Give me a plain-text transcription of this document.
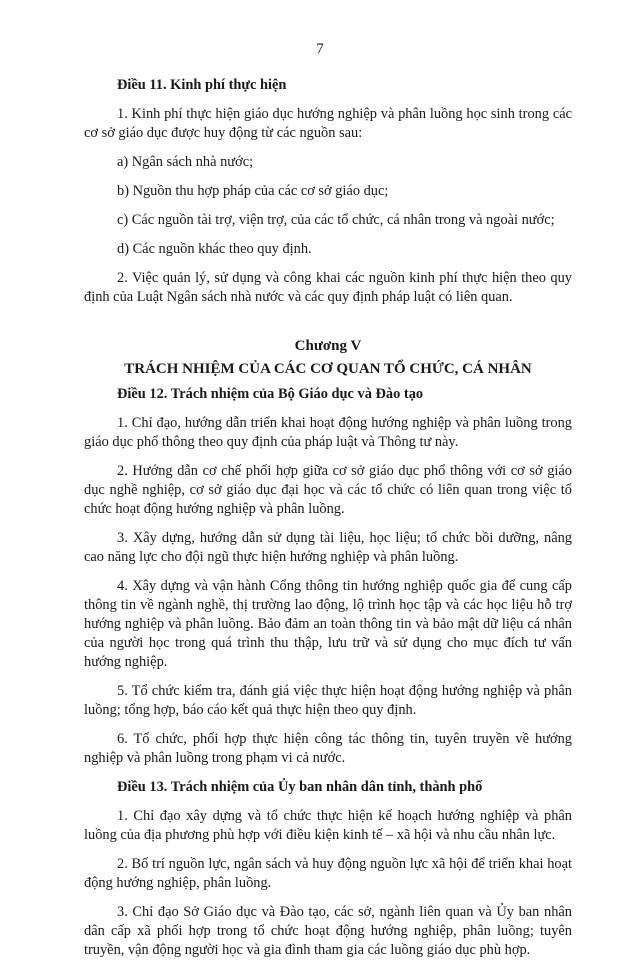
7

Điều 11. Kinh phí thực hiện

1. Kinh phí thực hiện giáo dục hướng nghiệp và phân luồng học sinh trong các cơ sở giáo dục được huy động từ các nguồn sau:

a) Ngân sách nhà nước;

b) Nguồn thu hợp pháp của các cơ sở giáo dục;

c) Các nguồn tài trợ, viện trợ, của các tổ chức, cá nhân trong và ngoài nước;

d) Các nguồn khác theo quy định.

2. Việc quản lý, sử dụng và công khai các nguồn kinh phí thực hiện theo quy định của Luật Ngân sách nhà nước và các quy định pháp luật có liên quan.

Chương V
TRÁCH NHIỆM CỦA CÁC CƠ QUAN TỔ CHỨC, CÁ NHÂN

Điều 12. Trách nhiệm của Bộ Giáo dục và Đào tạo

1. Chỉ đạo, hướng dẫn triển khai hoạt động hướng nghiệp và phân luồng trong giáo dục phổ thông theo quy định của pháp luật và Thông tư này.

2. Hướng dẫn cơ chế phối hợp giữa cơ sở giáo dục phổ thông với cơ sở giáo dục nghề nghiệp, cơ sở giáo dục đại học và các tổ chức có liên quan trong việc tổ chức hoạt động hướng nghiệp và phân luồng.

3. Xây dựng, hướng dẫn sử dụng tài liệu, học liệu; tổ chức bồi dưỡng, nâng cao năng lực cho đội ngũ thực hiện hướng nghiệp và phân luồng.

4. Xây dựng và vận hành Cổng thông tin hướng nghiệp quốc gia để cung cấp thông tin về ngành nghề, thị trường lao động, lộ trình học tập và các học liệu hỗ trợ hướng nghiệp và phân luồng. Bảo đảm an toàn thông tin và bảo mật dữ liệu cá nhân của người học trong quá trình thu thập, lưu trữ và sử dụng cho mục đích tư vấn hướng nghiệp.

5. Tổ chức kiểm tra, đánh giá việc thực hiện hoạt động hướng nghiệp và phân luồng; tổng hợp, báo cáo kết quả thực hiện theo quy định.

6. Tổ chức, phối hợp thực hiện công tác thông tin, tuyên truyền về hướng nghiệp và phân luồng trong phạm vi cả nước.

Điều 13. Trách nhiệm của Ủy ban nhân dân tỉnh, thành phố

1. Chỉ đạo xây dựng và tổ chức thực hiện kế hoạch hướng nghiệp và phân luồng của địa phương phù hợp với điều kiện kinh tế – xã hội và nhu cầu nhân lực.

2. Bố trí nguồn lực, ngân sách và huy động nguồn lực xã hội để triển khai hoạt động hướng nghiệp, phân luồng.

3. Chỉ đạo Sở Giáo dục và Đào tạo, các sở, ngành liên quan và Ủy ban nhân dân cấp xã phối hợp trong tổ chức hoạt động hướng nghiệp, phân luồng; tuyên truyền, vận động người học và gia đình tham gia các luồng giáo dục phù hợp.
